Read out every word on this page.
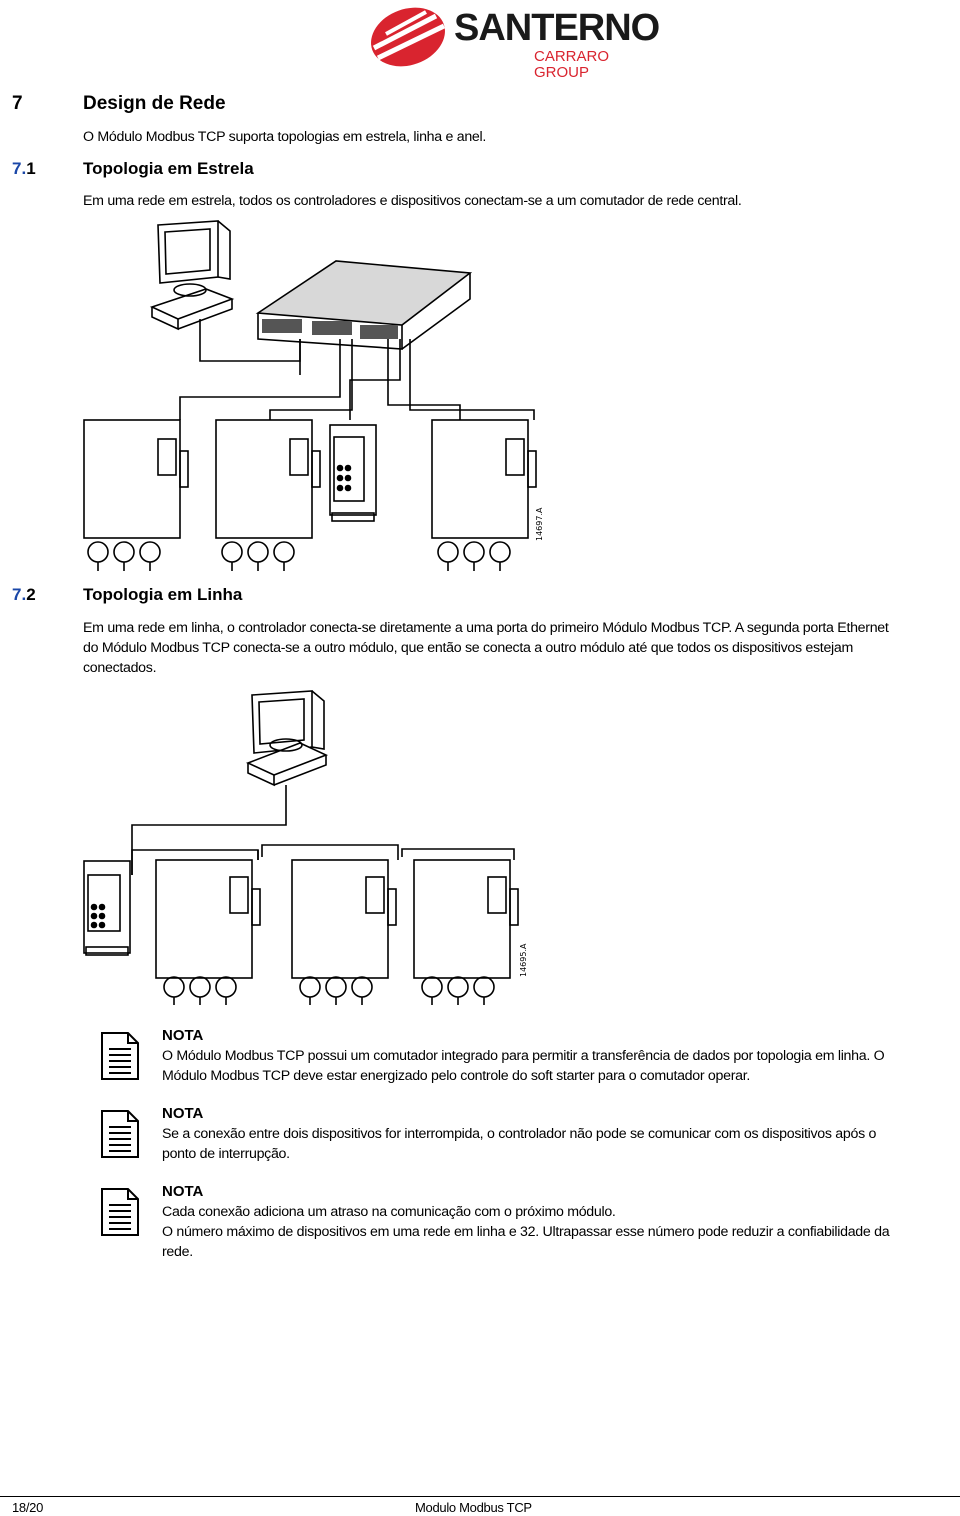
SANTERNO
CARRARO GROUP
7	Design de Rede
O Módulo Modbus TCP suporta topologias em estrela, linha e anel.
7.1	Topologia em Estrela
Em uma rede em estrela, todos os controladores e dispositivos conectam-se a um comutador de rede central.
14697.A
7.2	Topologia em Linha
Em uma rede em linha, o controlador conecta-se diretamente a uma porta do primeiro Módulo Modbus TCP. A segunda porta Ethernet
do Módulo Modbus TCP conecta-se a outro módulo, que então se conecta a outro módulo até que todos os dispositivos estejam
conectados.
14695.A
NOTA
O Módulo Modbus TCP possui um comutador integrado para permitir a transferência de dados por topologia em linha. O
Módulo Modbus TCP deve estar energizado pelo controle do soft starter para o comutador operar.
NOTA
Se a conexão entre dois dispositivos for interrompida, o controlador não pode se comunicar com os dispositivos após o
ponto de interrupção.
NOTA
Cada conexão adiciona um atraso na comunicação com o próximo módulo.
O número máximo de dispositivos em uma rede em linha e 32. Ultrapassar esse número pode reduzir a confiabilidade da
rede.
18/20	Modulo Modbus TCP
